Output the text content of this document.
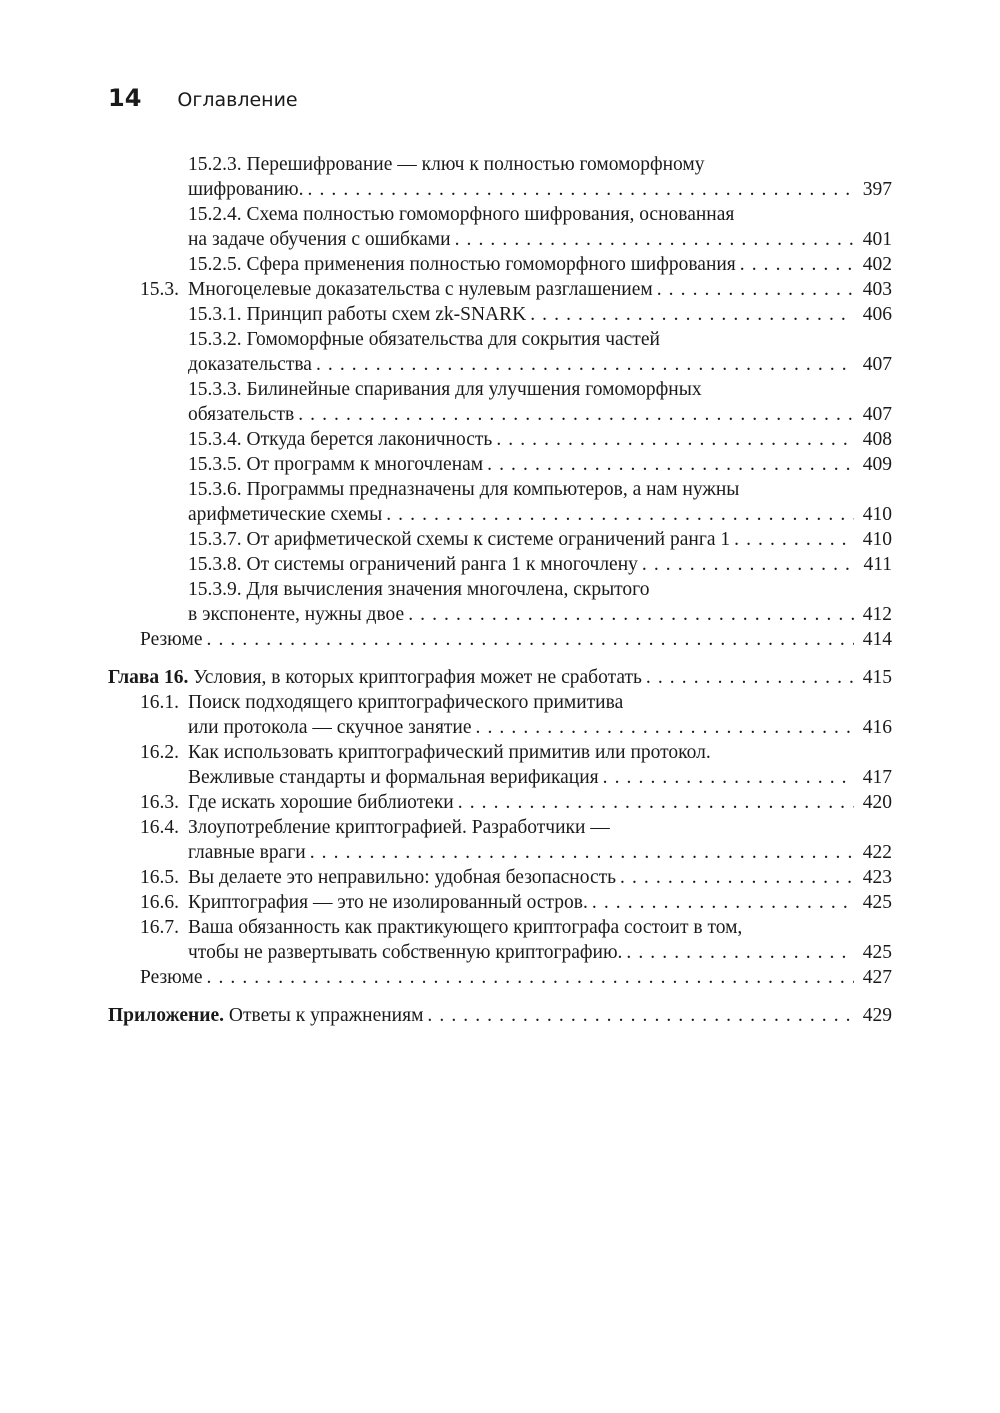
14 Оглавление
15.2.3. Перешифрование — ключ к полностью гомоморфному
шифрованию. . . .	397
15.2.4. Схема полностью гомоморфного шифрования, основанная
на задаче обучения с ошибками . . .	401
15.2.5. Сфера применения полностью гомоморфного шифрования . . .	402
15.3. Многоцелевые доказательства с нулевым разглашением . . .	403
15.3.1. Принцип работы схем zk-SNARK . . .	406
15.3.2. Гомоморфные обязательства для сокрытия частей
доказательства . . .	407
15.3.3. Билинейные спаривания для улучшения гомоморфных
обязательств . . .	407
15.3.4. Откуда берется лаконичность . . .	408
15.3.5. От программ к многочленам . . .	409
15.3.6. Программы предназначены для компьютеров, а нам нужны
арифметические схемы . . .	410
15.3.7. От арифметической схемы к системе ограничений ранга 1 . . .	410
15.3.8. От системы ограничений ранга 1 к многочлену . . .	411
15.3.9. Для вычисления значения многочлена, скрытого
в экспоненте, нужны двое . . .	412
Резюме . . .	414
Глава 16. Условия, в которых криптография может не сработать . . .	415
16.1. Поиск подходящего криптографического примитива
или протокола — скучное занятие . . .	416
16.2. Как использовать криптографический примитив или протокол.
Вежливые стандарты и формальная верификация . . .	417
16.3. Где искать хорошие библиотеки . . .	420
16.4. Злоупотребление криптографией. Разработчики —
главные враги . . .	422
16.5. Вы делаете это неправильно: удобная безопасность . . .	423
16.6. Криптография — это не изолированный остров. . . .	425
16.7. Ваша обязанность как практикующего криптографа состоит в том,
чтобы не развертывать собственную криптографию. . . .	425
Резюме . . .	427
Приложение. Ответы к упражнениям . . .	429
